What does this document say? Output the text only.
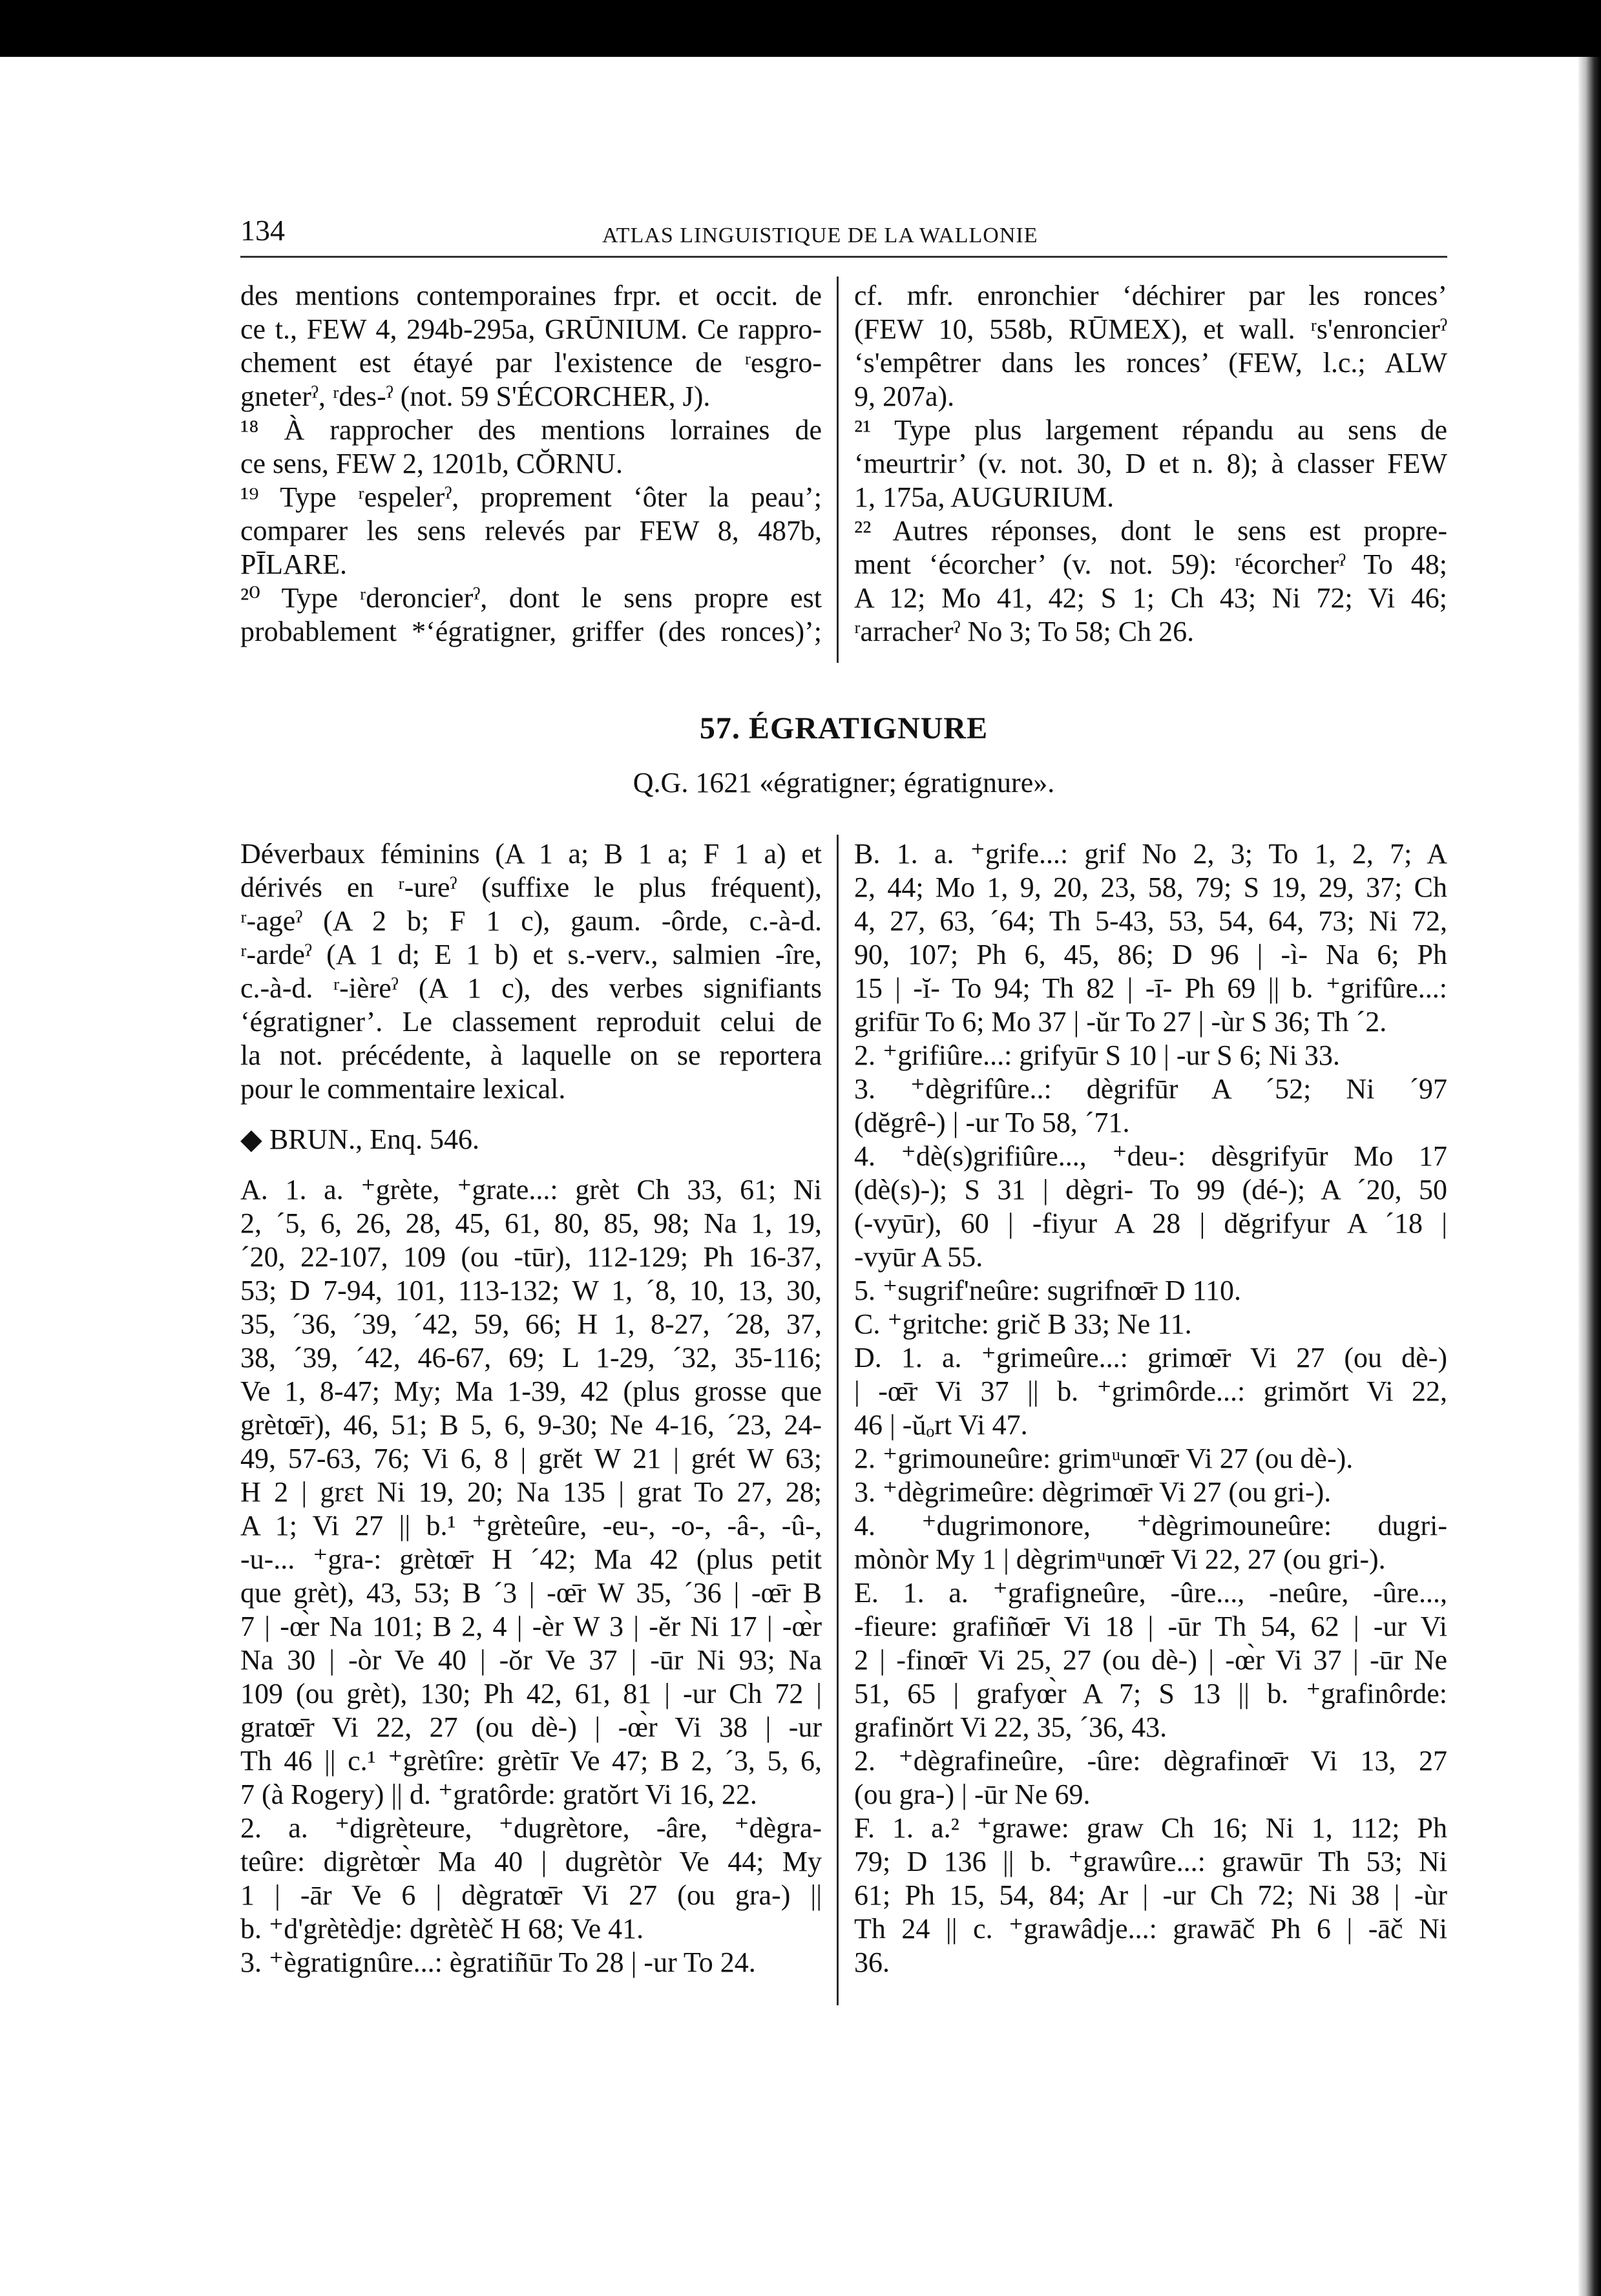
134	ATLAS LINGUISTIQUE DE LA WALLONIE

des mentions contemporaines frpr. et occit. de

ce t., FEW 4, 294b-295a, GRŪNIUM. Ce rappro-

chement est étayé par l'existence de ʳesgro-

gneterˀ, ʳdes-ˀ (not. 59 S'ÉCORCHER, J).

¹⁸ À rapprocher des mentions lorraines de

ce sens, FEW 2, 1201b, CŎRNU.

¹⁹ Type ʳespelerˀ, proprement ‘ôter la peau’;

comparer les sens relevés par FEW 8, 487b,

PĪLARE.

²⁰ Type ʳderoncierˀ, dont le sens propre est

probablement *‘égratigner, griffer (des ronces)’;

cf. mfr. enronchier ‘déchirer par les ronces’

(FEW 10, 558b, RŪMEX), et wall. ʳs'enroncierˀ

‘s'empêtrer dans les ronces’ (FEW, l.c.; ALW

9, 207a).

²¹ Type plus largement répandu au sens de

‘meurtrir’ (v. not. 30, D et n. 8); à classer FEW

1, 175a, AUGURIUM.

²² Autres réponses, dont le sens est propre-

ment ‘écorcher’ (v. not. 59): ʳécorcherˀ To 48;

A 12; Mo 41, 42; S 1; Ch 43; Ni 72; Vi 46;

ʳarracherˀ No 3; To 58; Ch 26.

57. ÉGRATIGNURE
Q.G. 1621 «égratigner; égratignure».

Déverbaux féminins (A 1 a; B 1 a; F 1 a) et

dérivés en ʳ-ureˀ (suffixe le plus fréquent),

ʳ-ageˀ (A 2 b; F 1 c), gaum. -ôrde, c.-à-d.

ʳ-ardeˀ (A 1 d; E 1 b) et s.-verv., salmien -îre,

c.-à-d. ʳ-ièreˀ (A 1 c), des verbes signifiants

‘égratigner’. Le classement reproduit celui de

la not. précédente, à laquelle on se reportera

pour le commentaire lexical.

◆ BRUN., Enq. 546.

A. 1. a. ⁺grète, ⁺grate...: grèt Ch 33, 61; Ni

2, ´5, 6, 26, 28, 45, 61, 80, 85, 98; Na 1, 19,

´20, 22-107, 109 (ou -tūr), 112-129; Ph 16-37,

53; D 7-94, 101, 113-132; W 1, ´8, 10, 13, 30,

35, ´36, ´39, ´42, 59, 66; H 1, 8-27, ´28, 37,

38, ´39, ´42, 46-67, 69; L 1-29, ´32, 35-116;

Ve 1, 8-47; My; Ma 1-39, 42 (plus grosse que

grètœ̄r), 46, 51; B 5, 6, 9-30; Ne 4-16, ´23, 24-

49, 57-63, 76; Vi 6, 8 | grĕt W 21 | grét W 63;

H 2 | grɛt Ni 19, 20; Na 135 | grat To 27, 28;

A 1; Vi 27 || b.¹ ⁺grèteûre, -eu-, -o-, -â-, -û-,

-u-... ⁺gra-: grètœ̄r H ´42; Ma 42 (plus petit

que grèt), 43, 53; B ´3 | -œ̄r W 35, ´36 | -œ̄r B

7 | -œ̀r Na 101; B 2, 4 | -èr W 3 | -ĕr Ni 17 | -œ̀r

Na 30 | -òr Ve 40 | -ŏr Ve 37 | -ūr Ni 93; Na

109 (ou grèt), 130; Ph 42, 61, 81 | -ur Ch 72 |

gratœ̄r Vi 22, 27 (ou dè-) | -œ̀r Vi 38 | -ur

Th 46 || c.¹ ⁺grètîre: grètīr Ve 47; B 2, ´3, 5, 6,

7 (à Rogery) || d. ⁺gratôrde: gratŏrt Vi 16, 22.

2. a. ⁺digrèteure, ⁺dugrètore, -âre, ⁺dègra-

teûre: digrètœ̀r Ma 40 | dugrètòr Ve 44; My

1 | -ār Ve 6 | dègratœ̄r Vi 27 (ou gra-) ||

b. ⁺d'grètèdje: dgrètèč H 68; Ve 41.

3. ⁺ègratignûre...: ègratiñūr To 28 | -ur To 24.

B. 1. a. ⁺grife...: grif No 2, 3; To 1, 2, 7; A

2, 44; Mo 1, 9, 20, 23, 58, 79; S 19, 29, 37; Ch

4, 27, 63, ´64; Th 5-43, 53, 54, 64, 73; Ni 72,

90, 107; Ph 6, 45, 86; D 96 | -ì- Na 6; Ph

15 | -ĭ- To 94; Th 82 | -ī- Ph 69 || b. ⁺grifûre...:

grifūr To 6; Mo 37 | -ŭr To 27 | -ùr S 36; Th ´2.

2. ⁺grifiûre...: grifyūr S 10 | -ur S 6; Ni 33.

3. ⁺dègrifûre..: dègrifūr A ´52; Ni ´97

(dĕgrê-) | -ur To 58, ´71.

4. ⁺dè(s)grifiûre..., ⁺deu-: dèsgrifyūr Mo 17

(dè(s)-); S 31 | dègri- To 99 (dé-); A ´20, 50

(-vyūr), 60 | -fiyur A 28 | dĕgrifyur A ´18 |

-vyūr A 55.

5. ⁺sugrif'neûre: sugrifnœ̄r D 110.

C. ⁺gritche: grič B 33; Ne 11.

D. 1. a. ⁺grimeûre...: grimœ̄r Vi 27 (ou dè-)

| -œ̄r Vi 37 || b. ⁺grimôrde...: grimŏrt Vi 22,

46 | -ŭₒrt Vi 47.

2. ⁺grimouneûre: grimᵘunœ̄r Vi 27 (ou dè-).

3. ⁺dègrimeûre: dègrimœ̄r Vi 27 (ou gri-).

4. ⁺dugrimonore, ⁺dègrimouneûre: dugri-

mònòr My 1 | dègrimᵘunœ̄r Vi 22, 27 (ou gri-).

E. 1. a. ⁺grafigneûre, -ûre..., -neûre, -ûre...,

-fieure: grafiñœ̄r Vi 18 | -ūr Th 54, 62 | -ur Vi

2 | -finœ̄r Vi 25, 27 (ou dè-) | -œ̀r Vi 37 | -ūr Ne

51, 65 | grafyœ̀r A 7; S 13 || b. ⁺grafinôrde:

grafinŏrt Vi 22, 35, ´36, 43.

2. ⁺dègrafineûre, -ûre: dègrafinœ̄r Vi 13, 27

(ou gra-) | -ūr Ne 69.

F. 1. a.² ⁺grawe: graw Ch 16; Ni 1, 112; Ph

79; D 136 || b. ⁺grawûre...: grawūr Th 53; Ni

61; Ph 15, 54, 84; Ar | -ur Ch 72; Ni 38 | -ùr

Th 24 || c. ⁺grawâdje...: grawāč Ph 6 | -āč Ni

36.
